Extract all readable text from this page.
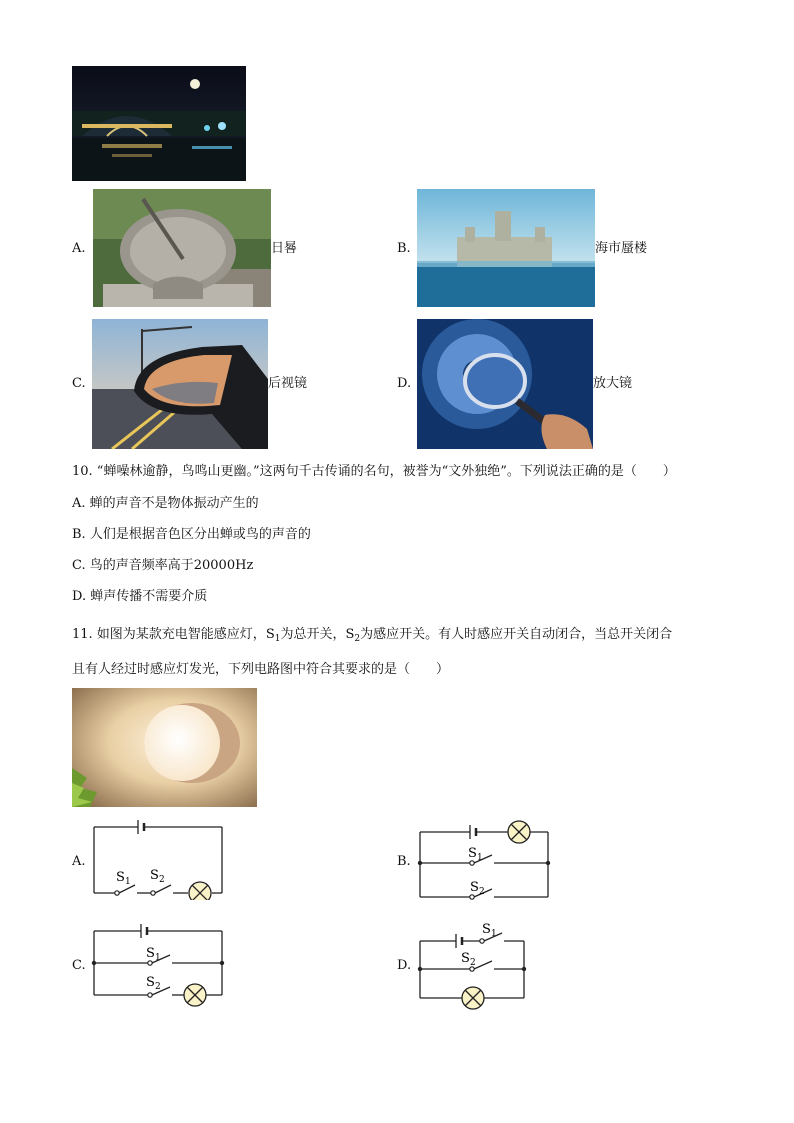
A.	日晷	B.	海市蜃楼
C.	后视镜	D.	放大镜
10. “蝉噪林逾静，鸟鸣山更幽。”这两句千古传诵的名句，被誉为“文外独绝”。下列说法正确的是（　　）
A. 蝉的声音不是物体振动产生的
B. 人们是根据音色区分出蝉或鸟的声音的
C. 鸟的声音频率高于20000Hz
D. 蝉声传播不需要介质
11. 如图为某款充电智能感应灯，$S_1$为总开关，$S_2$为感应开关。有人时感应开关自动闭合，当总开关闭合
且有人经过时感应灯发光，下列电路图中符合其要求的是（　　）
A.
S 1 S 2
B.
S 1
S 2
C.
S 1
S 2
D.
S 1
S 2
